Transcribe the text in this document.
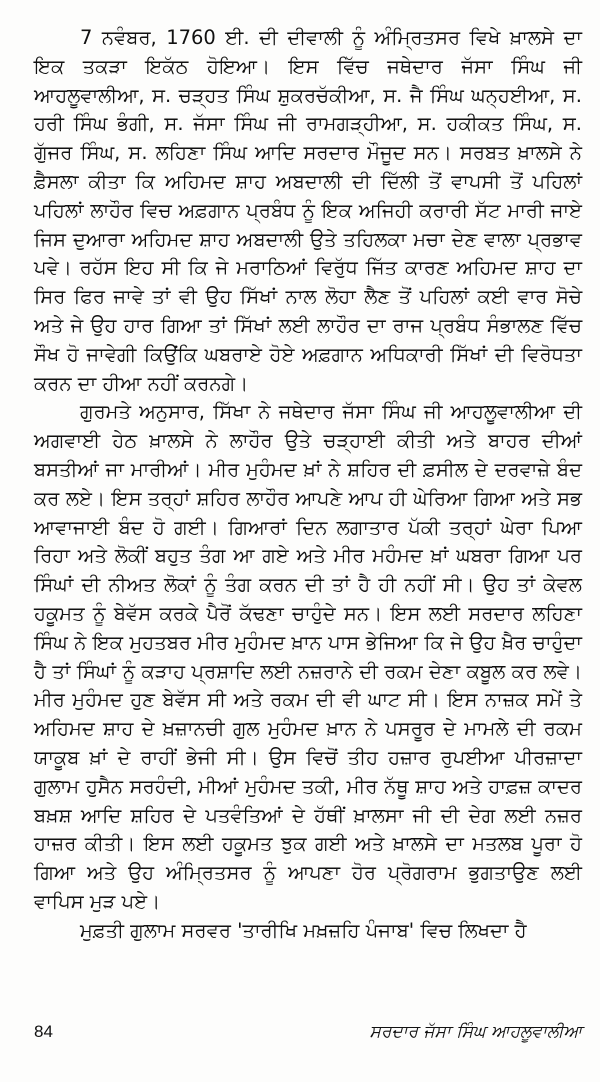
7 ਨਵੰਬਰ, 1760 ਈ. ਦੀ ਦੀਵਾਲੀ ਨੂੰ ਅੰਮ੍ਰਿਤਸਰ ਵਿਖੇ ਖ਼ਾਲਸੇ ਦਾ ਇਕ ਤਕੜਾ ਇਕੱਠ ਹੋਇਆ। ਇਸ ਵਿੱਚ ਜਥੇਦਾਰ ਜੱਸਾ ਸਿੰਘ ਜੀ ਆਹਲੂਵਾਲੀਆ, ਸ. ਚੜ੍ਹਤ ਸਿੰਘ ਸ਼ੁਕਰਚੱਕੀਆ, ਸ. ਜੈ ਸਿੰਘ ਘਨ੍ਹਈਆ, ਸ. ਹਰੀ ਸਿੰਘ ਭੰਗੀ, ਸ. ਜੱਸਾ ਸਿੰਘ ਜੀ ਰਾਮਗੜ੍ਹੀਆ, ਸ. ਹਕੀਕਤ ਸਿੰਘ, ਸ. ਗੁੱਜਰ ਸਿੰਘ, ਸ. ਲਹਿਣਾ ਸਿੰਘ ਆਦਿ ਸਰਦਾਰ ਮੌਜੂਦ ਸਨ। ਸਰਬਤ ਖ਼ਾਲਸੇ ਨੇ ਫ਼ੈਸਲਾ ਕੀਤਾ ਕਿ ਅਹਿਮਦ ਸ਼ਾਹ ਅਬਦਾਲੀ ਦੀ ਦਿੱਲੀ ਤੋਂ ਵਾਪਸੀ ਤੋਂ ਪਹਿਲਾਂ ਪਹਿਲਾਂ ਲਾਹੌਰ ਵਿਚ ਅਫ਼ਗਾਨ ਪ੍ਰਬੰਧ ਨੂੰ ਇਕ ਅਜਿਹੀ ਕਰਾਰੀ ਸੱਟ ਮਾਰੀ ਜਾਏ ਜਿਸ ਦੁਆਰਾ ਅਹਿਮਦ ਸ਼ਾਹ ਅਬਦਾਲੀ ਉਤੇ ਤਹਿਲਕਾ ਮਚਾ ਦੇਣ ਵਾਲਾ ਪ੍ਰਭਾਵ ਪਵੇ। ਰਹੱਸ ਇਹ ਸੀ ਕਿ ਜੇ ਮਰਾਠਿਆਂ ਵਿਰੁੱਧ ਜਿੱਤ ਕਾਰਣ ਅਹਿਮਦ ਸ਼ਾਹ ਦਾ ਸਿਰ ਫਿਰ ਜਾਵੇ ਤਾਂ ਵੀ ਉਹ ਸਿੱਖਾਂ ਨਾਲ ਲੋਹਾ ਲੈਣ ਤੋਂ ਪਹਿਲਾਂ ਕਈ ਵਾਰ ਸੋਚੇ ਅਤੇ ਜੇ ਉਹ ਹਾਰ ਗਿਆ ਤਾਂ ਸਿੱਖਾਂ ਲਈ ਲਾਹੌਰ ਦਾ ਰਾਜ ਪ੍ਰਬੰਧ ਸੰਭਾਲਣ ਵਿੱਚ ਸੌਖ ਹੋ ਜਾਵੇਗੀ ਕਿਉਂਕਿ ਘਬਰਾਏ ਹੋਏ ਅਫ਼ਗਾਨ ਅਧਿਕਾਰੀ ਸਿੱਖਾਂ ਦੀ ਵਿਰੋਧਤਾ ਕਰਨ ਦਾ ਹੀਆ ਨਹੀਂ ਕਰਨਗੇ।

ਗੁਰਮਤੇ ਅਨੁਸਾਰ, ਸਿੱਖਾ ਨੇ ਜਥੇਦਾਰ ਜੱਸਾ ਸਿੰਘ ਜੀ ਆਹਲੂਵਾਲੀਆ ਦੀ ਅਗਵਾਈ ਹੇਠ ਖ਼ਾਲਸੇ ਨੇ ਲਾਹੌਰ ਉਤੇ ਚੜ੍ਹਾਈ ਕੀਤੀ ਅਤੇ ਬਾਹਰ ਦੀਆਂ ਬਸਤੀਆਂ ਜਾ ਮਾਰੀਆਂ। ਮੀਰ ਮੁਹੰਮਦ ਖ਼ਾਂ ਨੇ ਸ਼ਹਿਰ ਦੀ ਫ਼ਸੀਲ ਦੇ ਦਰਵਾਜ਼ੇ ਬੰਦ ਕਰ ਲਏ। ਇਸ ਤਰ੍ਹਾਂ ਸ਼ਹਿਰ ਲਾਹੌਰ ਆਪਣੇ ਆਪ ਹੀ ਘੇਰਿਆ ਗਿਆ ਅਤੇ ਸਭ ਆਵਾਜਾਈ ਬੰਦ ਹੋ ਗਈ। ਗਿਆਰਾਂ ਦਿਨ ਲਗਾਤਾਰ ਪੱਕੀ ਤਰ੍ਹਾਂ ਘੇਰਾ ਪਿਆ ਰਿਹਾ ਅਤੇ ਲੋਕੀਂ ਬਹੁਤ ਤੰਗ ਆ ਗਏ ਅਤੇ ਮੀਰ ਮਹੰਮਦ ਖ਼ਾਂ ਘਬਰਾ ਗਿਆ ਪਰ ਸਿੰਘਾਂ ਦੀ ਨੀਅਤ ਲੋਕਾਂ ਨੂੰ ਤੰਗ ਕਰਨ ਦੀ ਤਾਂ ਹੈ ਹੀ ਨਹੀਂ ਸੀ। ਉਹ ਤਾਂ ਕੇਵਲ ਹਕੂਮਤ ਨੂੰ ਬੇਵੱਸ ਕਰਕੇ ਪੈਰੋਂ ਕੱਢਣਾ ਚਾਹੁੰਦੇ ਸਨ। ਇਸ ਲਈ ਸਰਦਾਰ ਲਹਿਣਾ ਸਿੰਘ ਨੇ ਇਕ ਮੁਹਤਬਰ ਮੀਰ ਮੁਹੰਮਦ ਖ਼ਾਨ ਪਾਸ ਭੇਜਿਆ ਕਿ ਜੇ ਉਹ ਖ਼ੈਰ ਚਾਹੁੰਦਾ ਹੈ ਤਾਂ ਸਿੰਘਾਂ ਨੂੰ ਕੜਾਹ ਪ੍ਰਸ਼ਾਦਿ ਲਈ ਨਜ਼ਰਾਨੇ ਦੀ ਰਕਮ ਦੇਣਾ ਕਬੂਲ ਕਰ ਲਵੇ। ਮੀਰ ਮੁਹੰਮਦ ਹੁਣ ਬੇਵੱਸ ਸੀ ਅਤੇ ਰਕਮ ਦੀ ਵੀ ਘਾਟ ਸੀ। ਇਸ ਨਾਜ਼ਕ ਸਮੇਂ ਤੇ ਅਹਿਮਦ ਸ਼ਾਹ ਦੇ ਖ਼ਜ਼ਾਨਚੀ ਗੁਲ ਮੁਹੰਮਦ ਖ਼ਾਨ ਨੇ ਪਸਰੂਰ ਦੇ ਮਾਮਲੇ ਦੀ ਰਕਮ ਯਾਕੂਬ ਖ਼ਾਂ ਦੇ ਰਾਹੀਂ ਭੇਜੀ ਸੀ। ਉਸ ਵਿਚੋਂ ਤੀਹ ਹਜ਼ਾਰ ਰੁਪਈਆ ਪੀਰਜ਼ਾਦਾ ਗੁਲਾਮ ਹੁਸੈਨ ਸਰਹੰਦੀ, ਮੀਆਂ ਮੁਹੰਮਦ ਤਕੀ, ਮੀਰ ਨੱਥੂ ਸ਼ਾਹ ਅਤੇ ਹਾਫ਼ਜ਼ ਕਾਦਰ ਬਖ਼ਸ਼ ਆਦਿ ਸ਼ਹਿਰ ਦੇ ਪਤਵੰਤਿਆਂ ਦੇ ਹੱਥੀਂ ਖ਼ਾਲਸਾ ਜੀ ਦੀ ਦੇਗ ਲਈ ਨਜ਼ਰ ਹਾਜ਼ਰ ਕੀਤੀ। ਇਸ ਲਈ ਹਕੂਮਤ ਝੁਕ ਗਈ ਅਤੇ ਖ਼ਾਲਸੇ ਦਾ ਮਤਲਬ ਪੂਰਾ ਹੋ ਗਿਆ ਅਤੇ ਉਹ ਅੰਮ੍ਰਿਤਸਰ ਨੂੰ ਆਪਣਾ ਹੋਰ ਪ੍ਰੋਗਰਾਮ ਭੁਗਤਾਉਣ ਲਈ ਵਾਪਿਸ ਮੁੜ ਪਏ।

ਮੁਫ਼ਤੀ ਗੁਲਾਮ ਸਰਵਰ 'ਤਾਰੀਖਿ ਮਖ਼ਜ਼ਹਿ ਪੰਜਾਬ' ਵਿਚ ਲਿਖਦਾ ਹੈ

84	ਸਰਦਾਰ ਜੱਸਾ ਸਿੰਘ ਆਹਲੂਵਾਲੀਆ
